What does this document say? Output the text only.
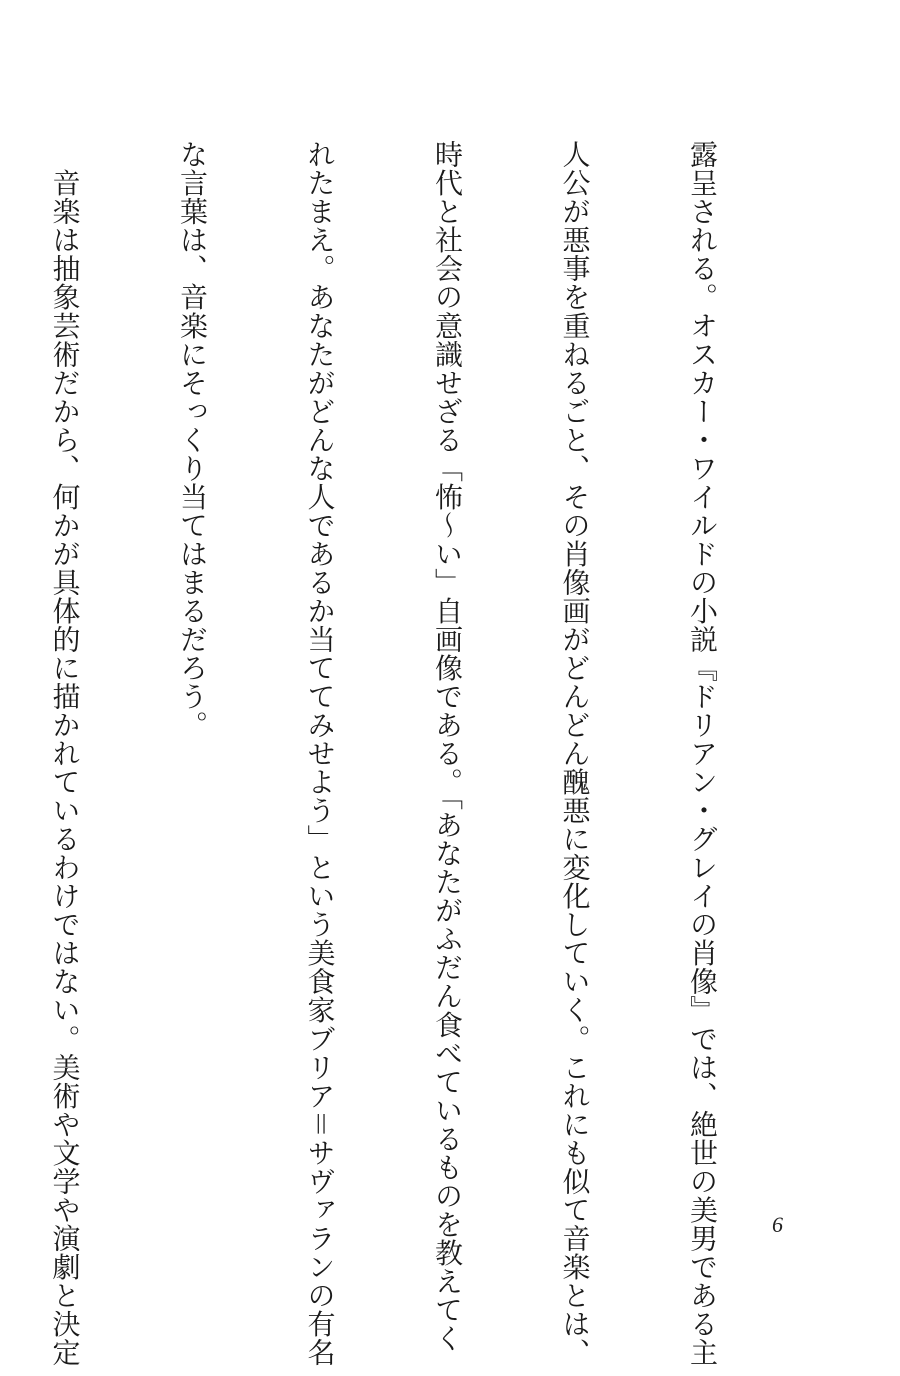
露呈される。オスカー・ワイルドの小説『ドリアン・グレイの肖像』では、絶世の美男である主

人公が悪事を重ねるごと、その肖像画がどんどん醜悪に変化していく。これにも似て音楽とは、

時代と社会の意識せざる「怖〜い」自画像である。「あなたがふだん食べているものを教えてく

れたまえ。あなたがどんな人であるか当ててみせよう」という美食家ブリア＝サヴァランの有名

な言葉は、音楽にそっくり当てはまるだろう。

　音楽は抽象芸術だから、何かが具体的に描かれているわけではない。美術や文学や演劇と決定

	6
